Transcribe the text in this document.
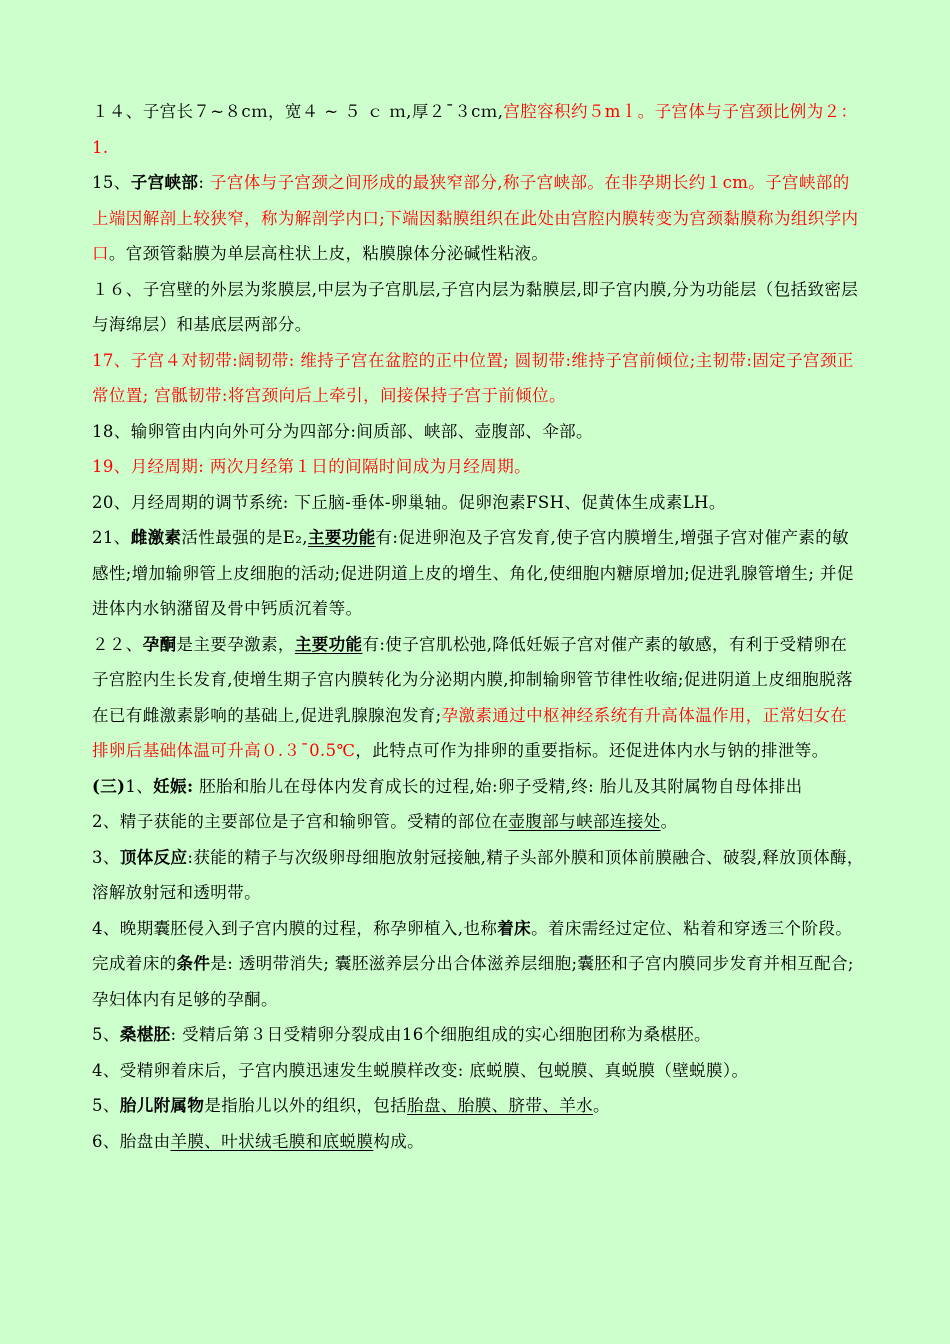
１４、子宫长７~８cｍ，宽４ ~ ５ ｃ ｍ,厚２¯３cｍ,宫腔容积约５mｌ。子宫体与子宫颈比例为２：1.

15、子宫峡部: 子宫体与子宫颈之间形成的最狭窄部分,称子宫峡部。在非孕期长约１cm。子宫峡部的上端因解剖上较狭窄，称为解剖学内口;下端因黏膜组织在此处由宫腔内膜转变为宫颈黏膜称为组织学内口。官颈管黏膜为单层高柱状上皮，粘膜腺体分泌碱性粘液。

１６、子宫壁的外层为浆膜层,中层为子宫肌层,子宫内层为黏膜层,即子宫内膜,分为功能层（包括致密层与海绵层）和基底层两部分。

17、子宫４对韧带:阔韧带: 维持子宫在盆腔的正中位置; 圆韧带:维持子宫前倾位;主韧带:固定子宫颈正常位置; 宫骶韧带:将宫颈向后上牵引，间接保持子宫于前倾位。

18、输卵管由内向外可分为四部分:间质部、峡部、壶腹部、伞部。

19、月经周期: 两次月经第１日的间隔时间成为月经周期。

20、月经周期的调节系统: 下丘脑-垂体-卵巢轴。促卵泡素FSH、促黄体生成素LH。

21、雌激素活性最强的是E₂,主要功能有:促进卵泡及子宫发育,使子宫内膜增生,增强子宫对催产素的敏感性;增加输卵管上皮细胞的活动;促进阴道上皮的增生、角化,使细胞内糖原增加;促进乳腺管增生; 并促进体内水钠潴留及骨中钙质沉着等。

２２、孕酮是主要孕激素，主要功能有:使子宫肌松弛,降低妊娠子宫对催产素的敏感，有利于受精卵在子宫腔内生长发育,使增生期子宫内膜转化为分泌期内膜,抑制输卵管节律性收缩;促进阴道上皮细胞脱落在已有雌激素影响的基础上,促进乳腺腺泡发育;孕激素通过中枢神经系统有升高体温作用，正常妇女在排卵后基础体温可升高０.３¯0.5℃，此特点可作为排卵的重要指标。还促进体内水与钠的排泄等。

(三)1、妊娠: 胚胎和胎儿在母体内发育成长的过程,始:卵子受精,终: 胎儿及其附属物自母体排出

2、精子获能的主要部位是子宫和输卵管。受精的部位在壶腹部与峡部连接处。

3、顶体反应:获能的精子与次级卵母细胞放射冠接触,精子头部外膜和顶体前膜融合、破裂,释放顶体酶，溶解放射冠和透明带。

4、晚期囊胚侵入到子宫内膜的过程，称孕卵植入,也称着床。着床需经过定位、粘着和穿透三个阶段。完成着床的条件是: 透明带消失; 囊胚滋养层分出合体滋养层细胞;囊胚和子宫内膜同步发育并相互配合; 孕妇体内有足够的孕酮。

5、桑椹胚: 受精后第３日受精卵分裂成由16个细胞组成的实心细胞团称为桑椹胚。

4、受精卵着床后，子宫内膜迅速发生蜕膜样改变: 底蜕膜、包蜕膜、真蜕膜（壁蜕膜）。

5、胎儿附属物是指胎儿以外的组织，包括胎盘、胎膜、脐带、羊水。

6、胎盘由羊膜、叶状绒毛膜和底蜕膜构成。
